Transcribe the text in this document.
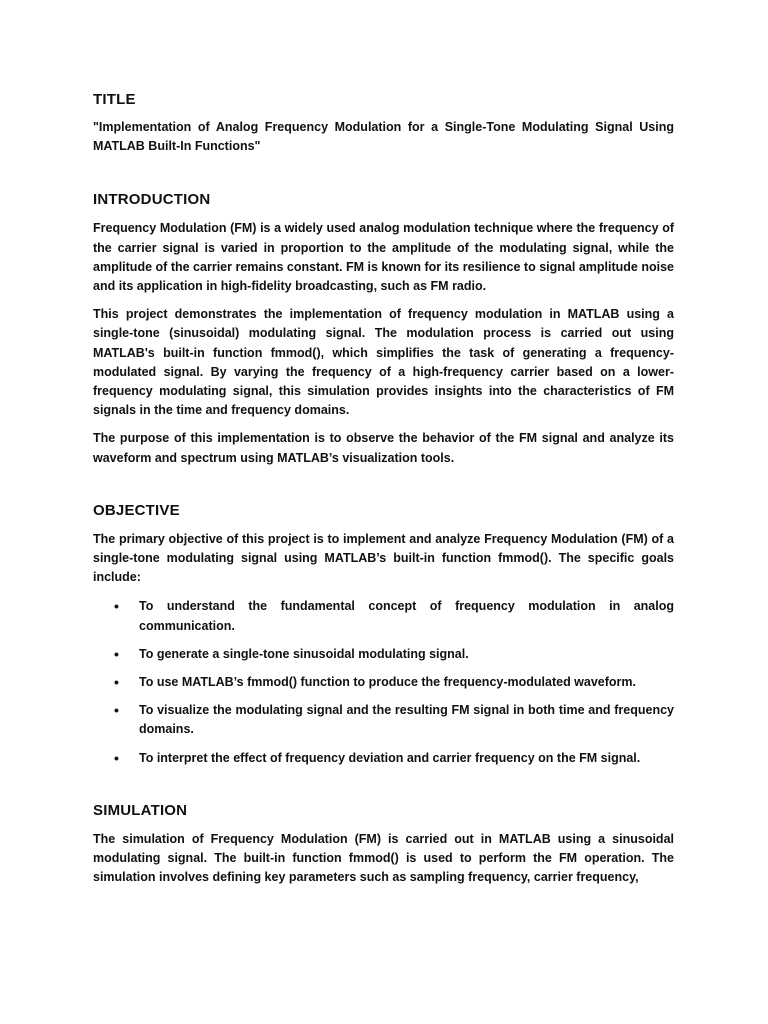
TITLE

"Implementation of Analog Frequency Modulation for a Single-Tone Modulating Signal Using MATLAB Built-In Functions"

INTRODUCTION

Frequency Modulation (FM) is a widely used analog modulation technique where the frequency of the carrier signal is varied in proportion to the amplitude of the modulating signal, while the amplitude of the carrier remains constant. FM is known for its resilience to signal amplitude noise and its application in high-fidelity broadcasting, such as FM radio.

This project demonstrates the implementation of frequency modulation in MATLAB using a single-tone (sinusoidal) modulating signal. The modulation process is carried out using MATLAB's built-in function fmmod(), which simplifies the task of generating a frequency-modulated signal. By varying the frequency of a high-frequency carrier based on a lower-frequency modulating signal, this simulation provides insights into the characteristics of FM signals in the time and frequency domains.

The purpose of this implementation is to observe the behavior of the FM signal and analyze its waveform and spectrum using MATLAB’s visualization tools.

OBJECTIVE

The primary objective of this project is to implement and analyze Frequency Modulation (FM) of a single-tone modulating signal using MATLAB’s built-in function fmmod(). The specific goals include:

• To understand the fundamental concept of frequency modulation in analog communication.
• To generate a single-tone sinusoidal modulating signal.
• To use MATLAB’s fmmod() function to produce the frequency-modulated waveform.
• To visualize the modulating signal and the resulting FM signal in both time and frequency domains.
• To interpret the effect of frequency deviation and carrier frequency on the FM signal.
SIMULATION

The simulation of Frequency Modulation (FM) is carried out in MATLAB using a sinusoidal modulating signal. The built-in function fmmod() is used to perform the FM operation. The simulation involves defining key parameters such as sampling frequency, carrier frequency,
